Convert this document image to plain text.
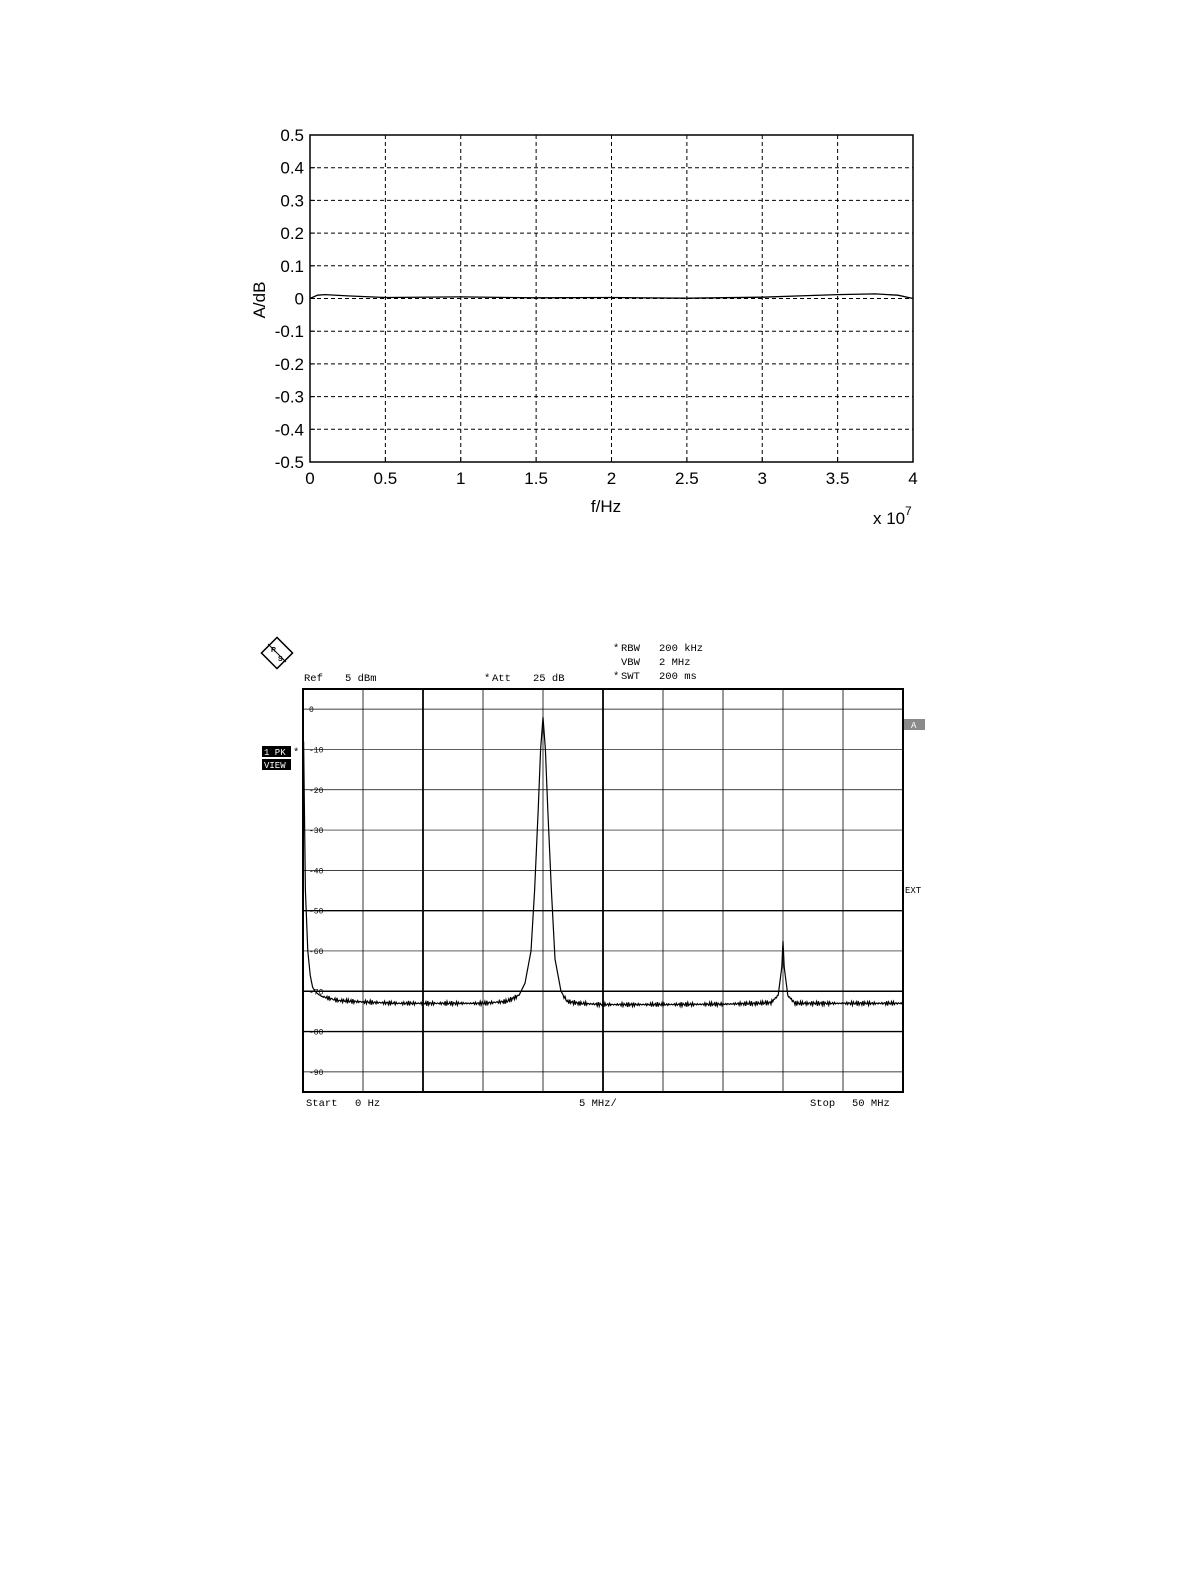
0.5
0.4
0.3
0.2
0.1
0
-0.1
-0.2
-0.3
-0.4
-0.5
0	0.5	1	1.5	2	2.5	3	3.5	4
f/Hz
A/dB
x 10 7
R
S
* RBW 200 kHz
VBW 2 MHz
* SWT 200 ms
Ref 5 dBm	* Att 25 dB
1 PK *
VIEW
A
EXT
0
-10
-20
-30
-40
-50
-60
-70
-80
-90
Start 0 Hz	5 MHz/	Stop 50 MHz
